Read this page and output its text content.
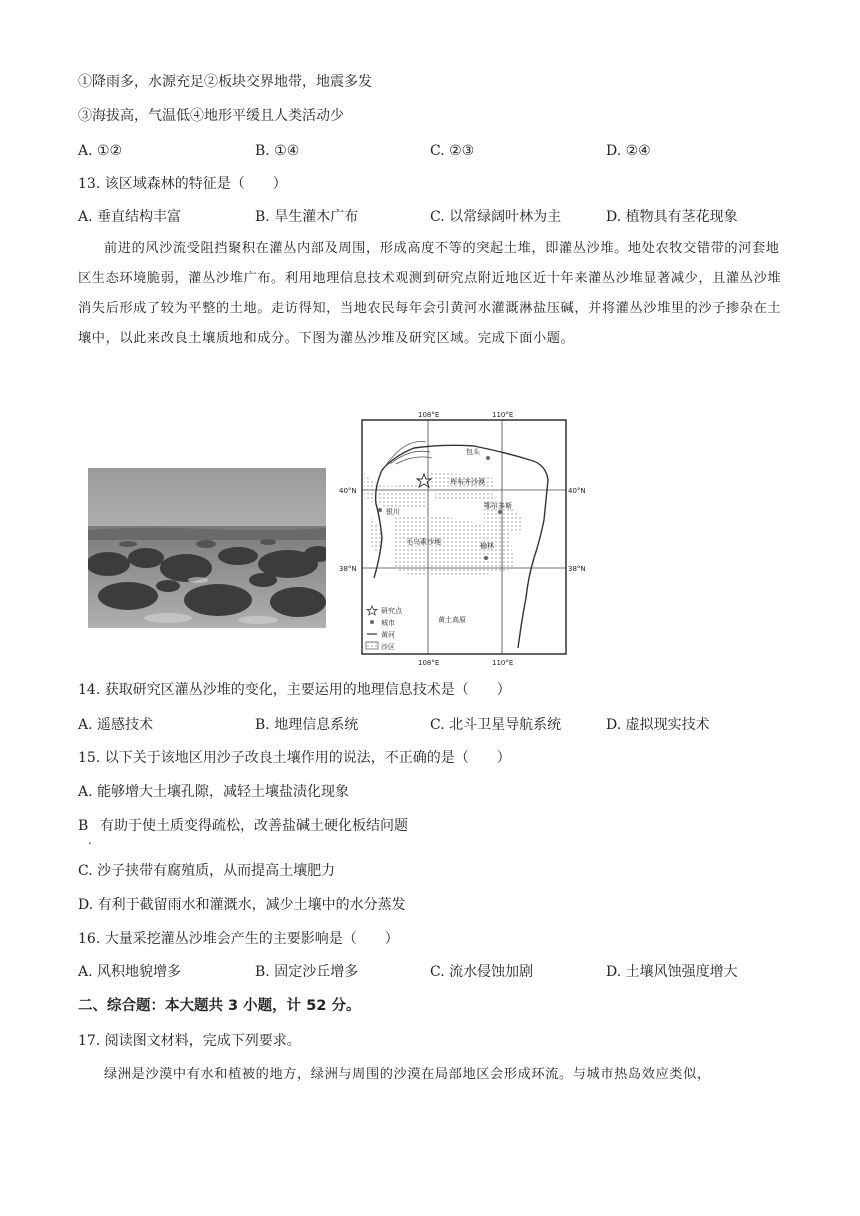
①降雨多，水源充足②板块交界地带，地震多发
③海拔高，气温低④地形平缓且人类活动少
A. ①②	B. ①④	C. ②③	D. ②④
13. 该区域森林的特征是（　　）
A. 垂直结构丰富	B. 旱生灌木广布	C. 以常绿阔叶林为主	D. 植物具有茎花现象
前进的风沙流受阻挡聚积在灌丛内部及周围，形成高度不等的突起土堆，即灌丛沙堆。地处农牧交错带的河套地区生态环境脆弱，灌丛沙堆广布。利用地理信息技术观测到研究点附近地区近十年来灌丛沙堆显著减少，且灌丛沙堆消失后形成了较为平整的土地。走访得知，当地农民每年会引黄河水灌溉淋盐压碱，并将灌丛沙堆里的沙子掺杂在土壤中，以此来改良土壤质地和成分。下图为灌丛沙堆及研究区域。完成下面小题。
包头
库布齐沙漠
银川
鄂尔多斯
毛乌素沙地	榆林
黄土高原
108°E	110°E
108°E	110°E
40°N	40°N
38°N	38°N
研究点
城市
黄河
沙区
14. 获取研究区灌丛沙堆的变化，主要运用的地理信息技术是（　　）
A. 遥感技术	B. 地理信息系统	C. 北斗卫星导航系统	D. 虚拟现实技术
15. 以下关于该地区用沙子改良土壤作用的说法，不正确的是（　　）
A. 能够增大土壤孔隙，减轻土壤盐渍化现象
B 有助于使土质变得疏松，改善盐碱土硬化板结问题
.
C. 沙子挟带有腐殖质，从而提高土壤肥力
D. 有利于截留雨水和灌溉水，减少土壤中的水分蒸发
16. 大量采挖灌丛沙堆会产生的主要影响是（　　）
A. 风积地貌增多	B. 固定沙丘增多	C. 流水侵蚀加剧	D. 土壤风蚀强度增大
二、综合题：本大题共 3 小题，计 52 分。
17. 阅读图文材料，完成下列要求。
绿洲是沙漠中有水和植被的地方，绿洲与周围的沙漠在局部地区会形成环流。与城市热岛效应类似，
